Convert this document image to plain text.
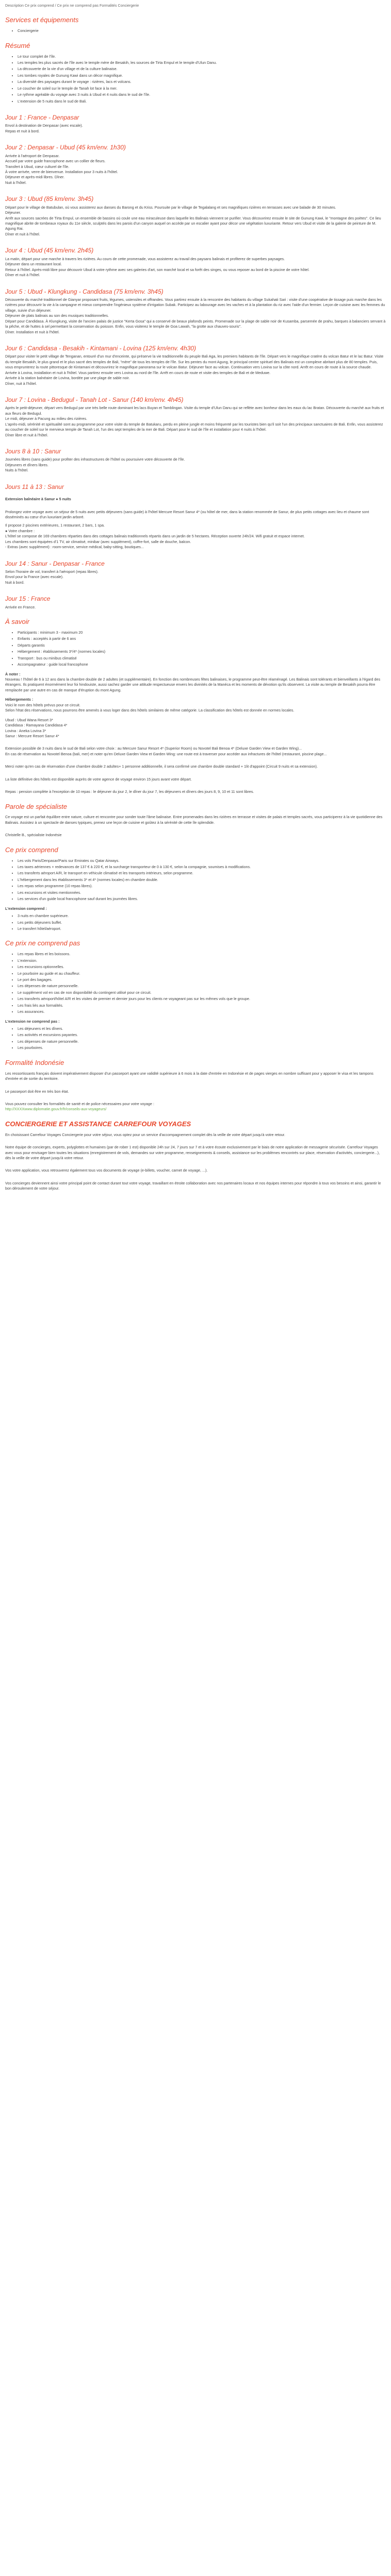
Description Ce prix comprend / Ce prix ne comprend pas Formalités Conciergerie
Services et équipements
• Conciergerie
Résumé
• Le tour complet de l'île.
• Les temples les plus sacrés de l'île avec le temple mère de Besakih, les sources de Tirta Empul et le temple d'Ulun Danu.
• La découverte de la vie d'un village et de la culture balinaise.
• Les tombes royales de Gunung Kawi dans un décor magnifique.
• La diversité des paysages durant le voyage : rizières, lacs et volcans.
• Le coucher de soleil sur le temple de Tanah lot face à la mer.
• Le rythme agréable du voyage avec 3 nuits à Ubud et 4 nuits dans le sud de l'île.
• L'extension de 5 nuits dans le sud de Bali.
Jour 1 : France - Denpasar

Envol à destination de Denpasar (avec escale).

Repas et nuit à bord.

Jour 2 : Denpasar - Ubud (45 km/env. 1h30)

Arrivée à l'aéroport de Denpasar.

Accueil par votre guide francophone avec un collier de fleurs.

Transfert à Ubud, cœur culturel de l'île.

À votre arrivée, verre de bienvenue. Installation pour 3 nuits à l'hôtel.

Déjeuner et après-midi libres. Dîner.

Nuit à l'hôtel.

Jour 3 : Ubud (85 km/env. 3h45)

Départ pour le village de Batubulan, où vous assisterez aux danses du Barong et du Kriss. Poursuite par le village de Tegalalang et ses magnifiques rizières en terrasses avec une balade de 30 minutes.

Déjeuner.

Arrêt aux sources sacrées de Tirta Empul, un ensemble de bassins où coule une eau miraculeuse dans laquelle les Balinais viennent se purifier. Vous découvrirez ensuite le site de Gunung Kawi, le "montagne des poètes". Ce lieu magnifique abrite de tombeaux royaux du 11e siècle, sculptés dans les parois d'un canyon auquel on accède par un escalier ayant pour décor une végétation luxuriante. Retour vers Ubud et visite de la galerie de peinture de M. Agung Rai.

Dîner et nuit à l'hôtel.

Jour 4 : Ubud (45 km/env. 2h45)

La matin, départ pour une marche à travers les rizières. Au cours de cette promenade, vous assisterez au travail des paysans balinais et profiterez de superbes paysages.

Déjeuner dans un restaurant local.

Retour à l'hôtel. Après-midi libre pour découvrir Ubud à votre rythme avec ses galeries d'art, son marché local et sa forêt des singes, ou vous reposer au bord de la piscine de votre hôtel.

Dîner et nuit à l'hôtel.

Jour 5 : Ubud - Klungkung - Candidasa (75 km/env. 3h45)

Découverte du marché traditionnel de Gianyar proposant fruits, légumes, ustensiles et offrandes. Vous partirez ensuite à la rencontre des habitants du village Sukahati Sari : visite d'une coopérative de tissage puis marche dans les rizières pour découvrir la vie à la campagne et mieux comprendre l'ingénieux système d'irrigation Subak. Participez au labourage avec les vaches et à la plantation du riz avec l'aide d'un fermier. Leçon de cuisine avec les femmes du village, suivie d'un déjeuner.

Déjeuner de plats balinais au son des musiques traditionnelles.

Départ pour Candidasa. À Klungkung, visite de l'ancien palais de justice "Kerta Gosa" qui a conservé de beaux plafonds peints. Promenade sur la plage de sable noir de Kusamba, parsemée de prahu, barques à balanciers servant à la pêche, et de huttes à sel permettant la conservation du poisson. Enfin, vous visiterez le temple de Goa Lawah, "la grotte aux chauves-souris".

Dîner. Installation et nuit à l'hôtel.

Jour 6 : Candidasa - Besakih - Kintamani - Lovina (125 km/env. 4h30)

Départ pour visiter le petit village de Tenganan, entouré d'un mur d'enceinte, qui préserve la vie traditionnelle du peuple Bali Aga, les premiers habitants de l'île. Départ vers le magnifique cratère du volcan Batur et le lac Batur. Visite du temple Besakih, le plus grand et le plus sacré des temples de Bali, "mère" de tous les temples de l'île. Sur les pentes du mont Agung, le principal centre spirituel des Balinais est un complexe abritant plus de 80 temples. Puis, vous emprunterez la route pittoresque de Kintamani et découvrirez le magnifique panorama sur le volcan Batur. Déjeuner face au volcan. Continuation vers Lovina sur la côte nord. Arrêt en cours de route à la source chaude.

Arrivée à Lovina, installation et nuit à l'hôtel. Vous partirez ensuite vers Lovina au nord de l'île. Arrêt en cours de route et visite des temples de Bali et de Meduwe.

Arrivée à la station balnéaire de Lovina, bordée par une plage de sable noir.

Dîner, nuit à l'hôtel.

Jour 7 : Lovina - Bedugul - Tanah Lot - Sanur (140 km/env. 4h45)

Après le petit-déjeuner, départ vers Bedugul par une très belle route dominant les lacs Buyan et Tamblingan. Visite du temple d'Ulun Danu qui se reflète avec bonheur dans les eaux du lac Bratan. Découverte du marché aux fruits et aux fleurs de Bedugul.

Le midi, déjeuner à Pacung au milieu des rizières.

L'après-midi, sérénité et spiritualité sont au programme pour votre visite du temple de Batukaru, perdu en pleine jungle et moins fréquenté par les touristes bien qu'il soit l'un des principaux sanctuaires de Bali. Enfin, vous assisterez au coucher de soleil sur le mervieux temple de Tanah Lot, l'un des sept temples de la mer de Bali. Départ pour le sud de l'île et installation pour 4 nuits à l'hôtel.

Dîner libre et nuit à l'hôtel.

Jours 8 à 10 : Sanur

Journées libres (sans guide) pour profiter des infrastructures de l'hôtel ou poursuivre votre découverte de l'île.

Déjeuners et dîners libres.

Nuits à l'hôtel.

Jours 11 à 13 : Sanur

Extension balnéaire à Sanur ● 5 nuits

Prolongez votre voyage avec un séjour de 5 nuits avec petits déjeuners (sans guide) à l'hôtel Mercure Resort Sanur 4* (ou hôtel de mer, dans la station renommée de Sanur, de plus petits cottages avec lieu et chaume sont disséminés au cœur d'un luxuriant jardin arboré.

Il propose 2 piscines extérieures, 1 restaurant, 2 bars, 1 spa.

● Votre chambre :

L'hôtel se compose de 169 chambres réparties dans des cottages balinais traditionnels répartis dans un jardin de 5 hectares. Réception ouverte 24h/24. Wifi gratuit et espace internet.

Les chambres sont équipées d'1 TV, air climatisé, minibar (avec supplément), coffre-fort, salle de douche, balcon.

- Extras (avec supplément) : room-service, service médical, baby-sitting, boutiques...

Jour 14 : Sanur - Denpasar - France

Selon l'horaire de vol, transfert à l'aéroport (repas libres).

Envol pour la France (avec escale).

Nuit à bord.

Jour 15 : France

Arrivée en France.

À savoir
• Participants : minimum 3 - maximum 20
• Enfants : acceptés à partir de 6 ans
• Départs garantis
• Hébergement : établissements 3*/4* (normes locales)
• Transport : bus ou minibus climatisé
• Accompagnateur : guide local francophone

À noter :

Nouveau ! l'hôtel de 6 à 12 ans dans la chambre double de 2 adultes (et supplémentaire). En fonction des nombreuses fêtes balinaises, le programme peut-être réaménagé. Les Balinais sont tolérants et bienveillants à l'égard des étrangers. Ils pratiquent énormément leur foi hindouiste, aussi sachez garder une attitude respectueuse envers les divinités de la Manéca et les moments de dévotion qu'ils observent. La visite au temple de Besakih pourra être remplacée par une autre en cas de manque d'éruption du mont Agung.

Hébergements :

Voici le nom des hôtels prévus pour ce circuit.

Selon l'état des réservations, nous pourrons être amenés à vous loger dans des hôtels similaires de même catégorie. La classification des hôtels est donnée en normes locales.

Ubud : Ubud Wana Resort 3*

Candidasa : Ramayana Candidasa 4*

Lovina : Aneka Lovina 3*

Sanur : Mercure Resort Sanur 4*

Extension possible de 3 nuits dans le sud de Bali selon votre choix : au Mercure Sanur Resort 4* (Superior Room) ou Novotel Bali Benoa 4* (Deluxe Garden View et Garden Wing)...

En cas de réservation au Novotel Benoa (bali, mer) et noter qu'en Deluxe Garden View et Garden Wing: une route est à traverser pour accéder aux infractures de l'hôtel (restaurant, piscine plage...

Merci noter qu'en cas de réservation d'une chambre double 2 adultes+ 1 personne additionnelle, il sera confirmé une chambre double standard + 1lit d'appoint (Circuit 9 nuits et sa extension).

La liste définitive des hôtels est disponible auprès de votre agence de voyage environ 15 jours avant votre départ.

Repas : pension complète à l'exception de 10 repas : le déjeuner du jour 2, le dîner du jour 7, les déjeuners et dîners des jours 8, 9, 10 et 11 sont libres.

Parole de spécialiste

Ce voyage est un parfait équilibre entre nature, culture et rencontre pour sonder toute l'âme balinaise. Entre promenades dans les rizières en terrasse et visites de palais et temples sacrés, vous participerez à la vie quotidienne des Balinais. Assistez à un spectacle de danses typiques, prenez une leçon de cuisine et goûtez à la sérénité de cette île splendide.

Christelle B., spécialiste Indonésie

Ce prix comprend
• Les vols Paris/Denpasar/Paris sur Emirates ou Qatar Airways.
• Les taxes aériennes + redevances de 137 € à 220 €, et la surcharge transporteur de 0 à 130 €, selon la compagnie, soumises à modifications.
• Les transferts aéroport A/R, le transport en véhicule climatisé et les transports intérieurs, selon programme.
• L'hébergement dans les établissements 3* et 4* (normes locales) en chambre double.
• Les repas selon programme (10 repas libres).
• Les excursions et visites mentionnées.
• Les services d'un guide local francophone sauf durant les journées libres.

L'extension comprend :

• 3 nuits en chambre supérieure.
• Les petits déjeuners buffet.
• Le transfert hôtel/aéroport.
Ce prix ne comprend pas
• Les repas libres et les boissons.
• L'extension.
• Les excursions optionnelles.
• Le pourboire au guide et au chauffeur.
• Le port des bagages.
• Les dépenses de nature personnelle.
• Le supplément vol en cas de non disponibilité du contingent utilisé pour ce circuit.
• Les transferts aéroport/hôtel A/R et les visites de premier et dernier jours pour les clients ne voyageant pas sur les mêmes vols que le groupe.
• Les frais liés aux formalités.
• Les assurances.

L'extension ne comprend pas :

• Les déjeuners et les dîners.
• Les activités et excursions payantes.
• Les dépenses de nature personnelle.
• Les pourboires.
Formalité Indonésie

Les ressortissants français doivent impérativement disposer d'un passeport ayant une validité supérieure à 6 mois à la date d'entrée en Indonésie et de pages vierges en nombre suffisant pour y apposer le visa et les tampons d'entrée et de sortie du territoire.

Le passeport doit être en très bon état.

Vous pouvez consulter les formalités de santé et de police nécessaires pour votre voyage :

http://XXXXwww.diplomatie.gouv.fr/fr/conseils-aux-voyageurs/

CONCIERGERIE ET ASSISTANCE CARREFOUR VOYAGES

En choisissant Carrefour Voyages Conciergerie pour votre séjour, vous optez pour un service d'accompagnement complet dès la veille de votre départ jusqu'à votre retour.

Notre équipe de concierges, experts, polyglottes et humaines (par de rober 1 est) disponible 24h sur 24, 7 jours sur 7 et à votre écoute exclusivement par le biais de notre application de messagerie sécurisée. Carrefour Voyages avec vous pour envisager bien toutes les situations (enregistrement de vols, demandes sur votre programme, renseignements & conseils, assistance sur les problèmes rencontrés sur place, réservation d'activités, conciergerie...), dès la veille de votre départ jusqu'à votre retour.

Vos votre application, vous retrouverez également tous vos documents de voyage (e-billets, voucher, carnet de voyage, ...).

Vos concierges deviennent ainsi votre principal point de contact durant tout votre voyage, travaillant en étroite collaboration avec nos partenaires locaux et nos équipes internes pour répondre à tous vos besoins et ainsi, garantir le bon déroulement de votre séjour.
